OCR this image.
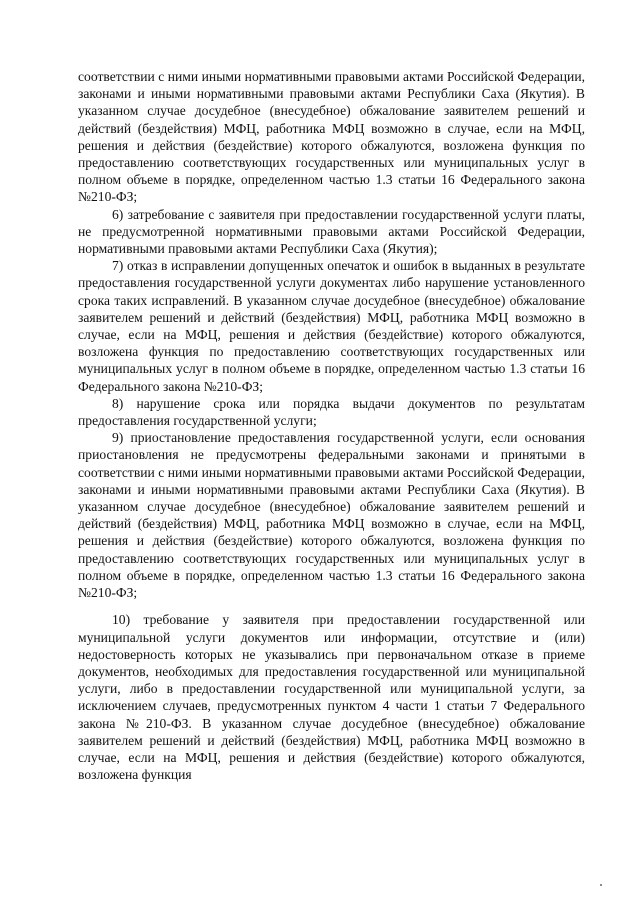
соответствии с ними иными нормативными правовыми актами Российской Федерации, законами и иными нормативными правовыми актами Республики Саха (Якутия). В указанном случае досудебное (внесудебное) обжалование заявителем решений и действий (бездействия) МФЦ, работника МФЦ возможно в случае, если на МФЦ, решения и действия (бездействие) которого обжалуются, возложена функция по предоставлению соответствующих государственных или муниципальных услуг в полном объеме в порядке, определенном частью 1.3 статьи 16 Федерального закона №210-ФЗ;

6) затребование с заявителя при предоставлении государственной услуги платы, не предусмотренной нормативными правовыми актами Российской Федерации, нормативными правовыми актами Республики Саха (Якутия);

7) отказ в исправлении допущенных опечаток и ошибок в выданных в результате предоставления государственной услуги документах либо нарушение установленного срока таких исправлений. В указанном случае досудебное (внесудебное) обжалование заявителем решений и действий (бездействия) МФЦ, работника МФЦ возможно в случае, если на МФЦ, решения и действия (бездействие) которого обжалуются, возложена функция по предоставлению соответствующих государственных или муниципальных услуг в полном объеме в порядке, определенном частью 1.3 статьи 16 Федерального закона №210-ФЗ;

8) нарушение срока или порядка выдачи документов по результатам предоставления государственной услуги;

9) приостановление предоставления государственной услуги, если основания приостановления не предусмотрены федеральными законами и принятыми в соответствии с ними иными нормативными правовыми актами Российской Федерации, законами и иными нормативными правовыми актами Республики Саха (Якутия). В указанном случае досудебное (внесудебное) обжалование заявителем решений и действий (бездействия) МФЦ, работника МФЦ возможно в случае, если на МФЦ, решения и действия (бездействие) которого обжалуются, возложена функция по предоставлению соответствующих государственных или муниципальных услуг в полном объеме в порядке, определенном частью 1.3 статьи 16 Федерального закона №210-ФЗ;

10) требование у заявителя при предоставлении государственной или муниципальной услуги документов или информации, отсутствие и (или) недостоверность которых не указывались при первоначальном отказе в приеме документов, необходимых для предоставления государственной или муниципальной услуги, либо в предоставлении государственной или муниципальной услуги, за исключением случаев, предусмотренных пунктом 4 части 1 статьи 7 Федерального закона №210-ФЗ. В указанном случае досудебное (внесудебное) обжалование заявителем решений и действий (бездействия) МФЦ, работника МФЦ возможно в случае, если на МФЦ, решения и действия (бездействие) которого обжалуются, возложена функция
